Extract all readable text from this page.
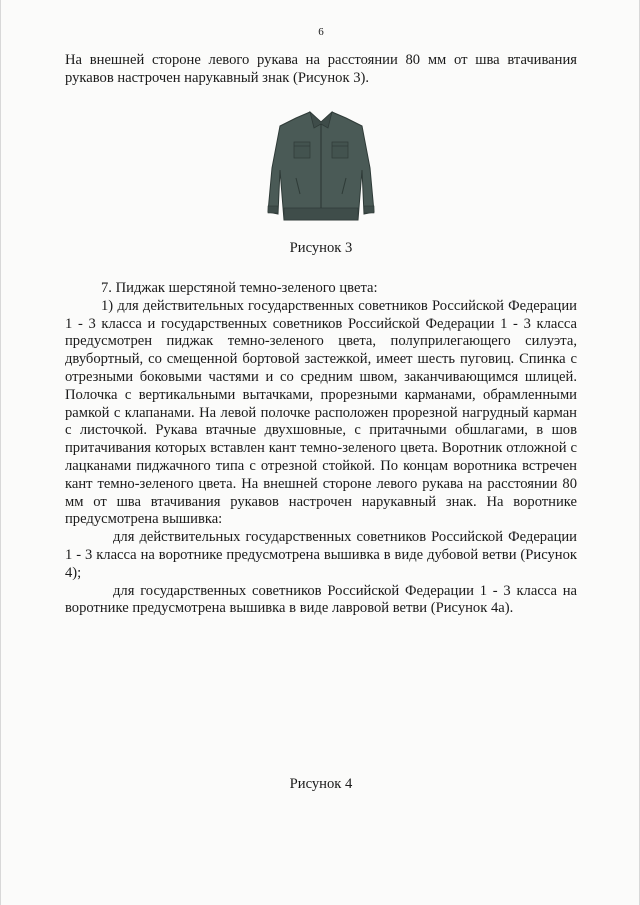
6

На внешней стороне левого рукава на расстоянии 80 мм от шва втачивания рукавов настрочен нарукавный знак (Рисунок 3).

Рисунок 3

7. Пиджак шерстяной темно-зеленого цвета:

1) для действительных государственных советников Российской Федерации 1 - 3 класса и государственных советников Российской Федерации 1 - 3 класса предусмотрен пиджак темно-зеленого цвета, полуприлегающего силуэта, двубортный, со смещенной бортовой застежкой, имеет шесть пуговиц. Спинка с отрезными боковыми частями и со средним швом, заканчивающимся шлицей. Полочка с вертикальными вытачками, прорезными карманами, обрамленными рамкой с клапанами. На левой полочке расположен прорезной нагрудный карман с листочкой. Рукава втачные двухшовные, с притачными обшлагами, в шов притачивания которых вставлен кант темно-зеленого цвета. Воротник отложной с лацканами пиджачного типа с отрезной стойкой. По концам воротника встречен кант темно-зеленого цвета. На внешней стороне левого рукава на расстоянии 80 мм от шва втачивания рукавов настрочен нарукавный знак. На воротнике предусмотрена вышивка:

для действительных государственных советников Российской Федерации 1 - 3 класса на воротнике предусмотрена вышивка в виде дубовой ветви (Рисунок 4);

для государственных советников Российской Федерации 1 - 3 класса на воротнике предусмотрена вышивка в виде лавровой ветви (Рисунок 4а).

Рисунок 4
